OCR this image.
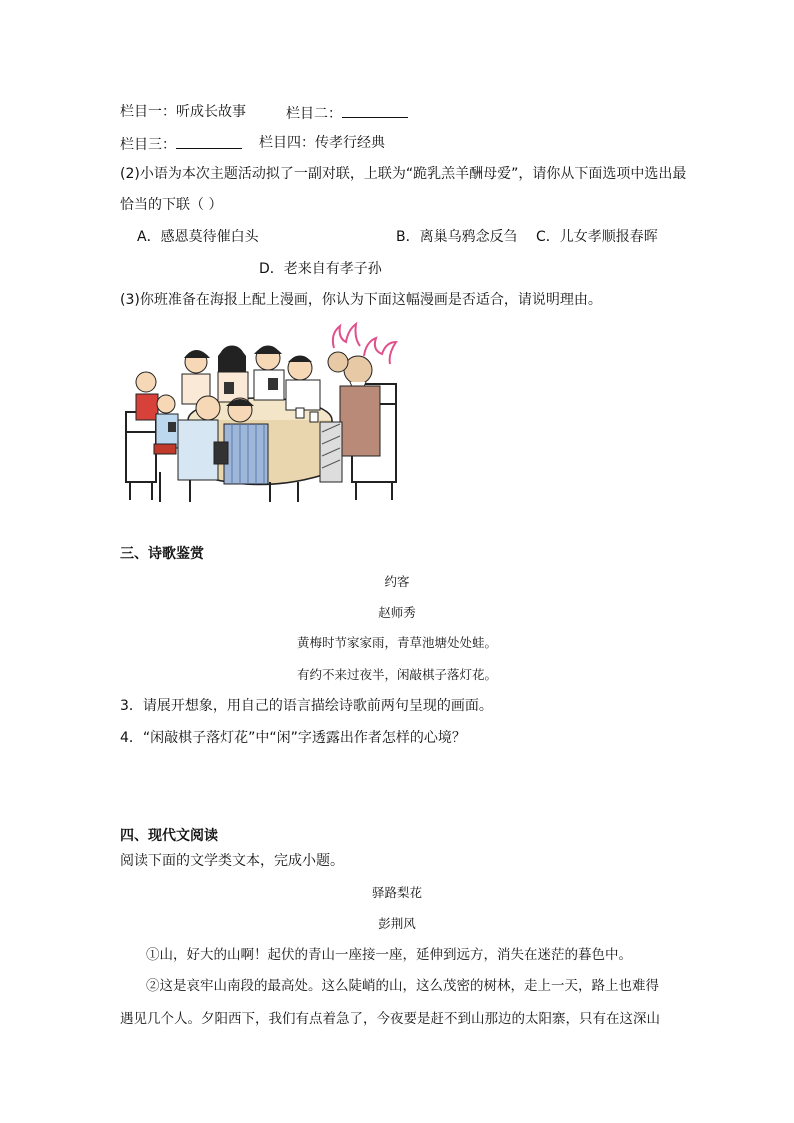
栏目一：听成长故事	栏目二：
栏目三：	栏目四：传孝行经典
(2)小语为本次主题活动拟了一副对联，上联为“跪乳羔羊酬母爱”，请你从下面选项中选出最
恰当的下联（ ）
A．感恩莫待催白头	B．离巢乌鸦念反刍 C．儿女孝顺报春晖
D．老来自有孝子孙
(3)你班准备在海报上配上漫画，你认为下面这幅漫画是否适合，请说明理由。
三、诗歌鉴赏
约客
赵师秀
黄梅时节家家雨，青草池塘处处蛙。
有约不来过夜半，闲敲棋子落灯花。
3．请展开想象，用自己的语言描绘诗歌前两句呈现的画面。
4．“闲敲棋子落灯花”中“闲”字透露出作者怎样的心境？
四、现代文阅读
阅读下面的文学类文本，完成小题。
驿路梨花
彭荆风
①山，好大的山啊！起伏的青山一座接一座，延伸到远方，消失在迷茫的暮色中。
②这是哀牢山南段的最高处。这么陡峭的山，这么茂密的树林，走上一天，路上也难得
遇见几个人。夕阳西下，我们有点着急了，今夜要是赶不到山那边的太阳寨，只有在这深山
